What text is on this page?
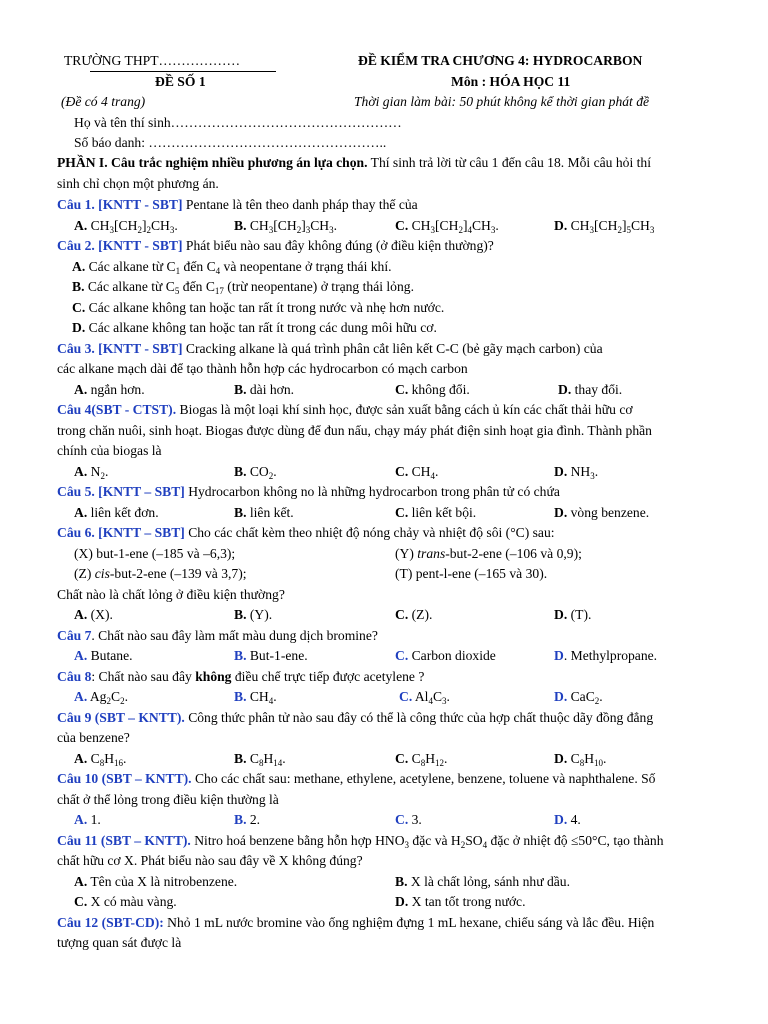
TRƯỜNG THPT………………	ĐỀ KIỂM TRA CHƯƠNG 4: HYDROCARBON
ĐỀ SỐ 1	Môn : HÓA HỌC 11
(Đề có 4 trang)	Thời gian làm bài: 50 phút không kể thời gian phát đề
Họ và tên thí sinh……………………………………………
Số báo danh: ……………………………………………..
PHẦN I. Câu trắc nghiệm nhiều phương án lựa chọn. Thí sinh trả lời từ câu 1 đến câu 18. Mỗi câu hỏi thí
sinh chỉ chọn một phương án.
Câu 1. [KNTT - SBT] Pentane là tên theo danh pháp thay thế của
A. $CH_3[CH_2]_2CH_3$.	B. $CH_3[CH_2]_3CH_3$.	C. $CH_3[CH_2]_4CH_3$.	D. $CH_3[CH_2]_5CH_3$
Câu 2. [KNTT - SBT] Phát biểu nào sau đây không đúng (ở điều kiện thường)?
A. Các alkane từ $C_1$ đến $C_4$ và neopentane ở trạng thái khí.
B. Các alkane từ $C_5$ đến $C_{17}$ (trừ neopentane) ở trạng thái lỏng.
C. Các alkane không tan hoặc tan rất ít trong nước và nhẹ hơn nước.
D. Các alkane không tan hoặc tan rất ít trong các dung môi hữu cơ.
Câu 3. [KNTT - SBT] Cracking alkane là quá trình phân cắt liên kết C-C (bẻ gãy mạch carbon) của
các alkane mạch dài để tạo thành hỗn hợp các hydrocarbon có mạch carbon
A. ngắn hơn.	B. dài hơn.	C. không đổi.	D. thay đổi.
Câu 4(SBT - CTST). Biogas là một loại khí sinh học, được sản xuất bằng cách ủ kín các chất thải hữu cơ
trong chăn nuôi, sinh hoạt. Biogas được dùng để đun nấu, chạy máy phát điện sinh hoạt gia đình. Thành phần
chính của biogas là
A. $N_2$.	B. $CO_2$.	C. $CH_4$.	D. $NH_3$.
Câu 5. [KNTT – SBT] Hydrocarbon không no là những hydrocarbon trong phân tử có chứa
A. liên kết đơn.	B. liên kết.	C. liên kết bội.	D. vòng benzene.
Câu 6. [KNTT – SBT] Cho các chất kèm theo nhiệt độ nóng chảy và nhiệt độ sôi (°C) sau:
(X) but-1-ene (–185 và –6,3);	(Y) trans-but-2-ene (–106 và 0,9);
(Z) cis-but-2-ene (–139 và 3,7);	(T) pent-l-ene (–165 và 30).
Chất nào là chất lỏng ở điều kiện thường?
A. (X).	B. (Y).	C. (Z).	D. (T).
Câu 7. Chất nào sau đây làm mất màu dung dịch bromine?
A. Butane.	B. But-1-ene.	C. Carbon dioxide	D. Methylpropane.
Câu 8: Chất nào sau đây không điều chế trực tiếp được acetylene ?
A. $Ag_2C_2$.	B. $CH_4$.	C. $Al_4C_3$.	D. CaC$_2$.
Câu 9 (SBT – KNTT). Công thức phân tử nào sau đây có thể là công thức của hợp chất thuộc dãy đồng đẳng
của benzene?
A. $C_8H_{16}$.	B. $C_8H_{14}$.	C. $C_8H_{12}$.	D. $C_8H_{10}$.
Câu 10 (SBT – KNTT). Cho các chất sau: methane, ethylene, acetylene, benzene, toluene và naphthalene. Số
chất ở thể lỏng trong điều kiện thường là
A. 1.	B. 2.	C. 3.	D. 4.
Câu 11 (SBT – KNTT). Nitro hoá benzene bằng hỗn hợp $HNO_3$ đặc và $H_2SO_4$ đặc ở nhiệt độ ≤50°C, tạo thành
chất hữu cơ X. Phát biểu nào sau đây về X không đúng?
A. Tên của X là nitrobenzene.	B. X là chất lỏng, sánh như dầu.
C. X có màu vàng.	D. X tan tốt trong nước.
Câu 12 (SBT-CD): Nhỏ 1 mL nước bromine vào ống nghiệm đựng 1 mL hexane, chiếu sáng và lắc đều. Hiện
tượng quan sát được là
